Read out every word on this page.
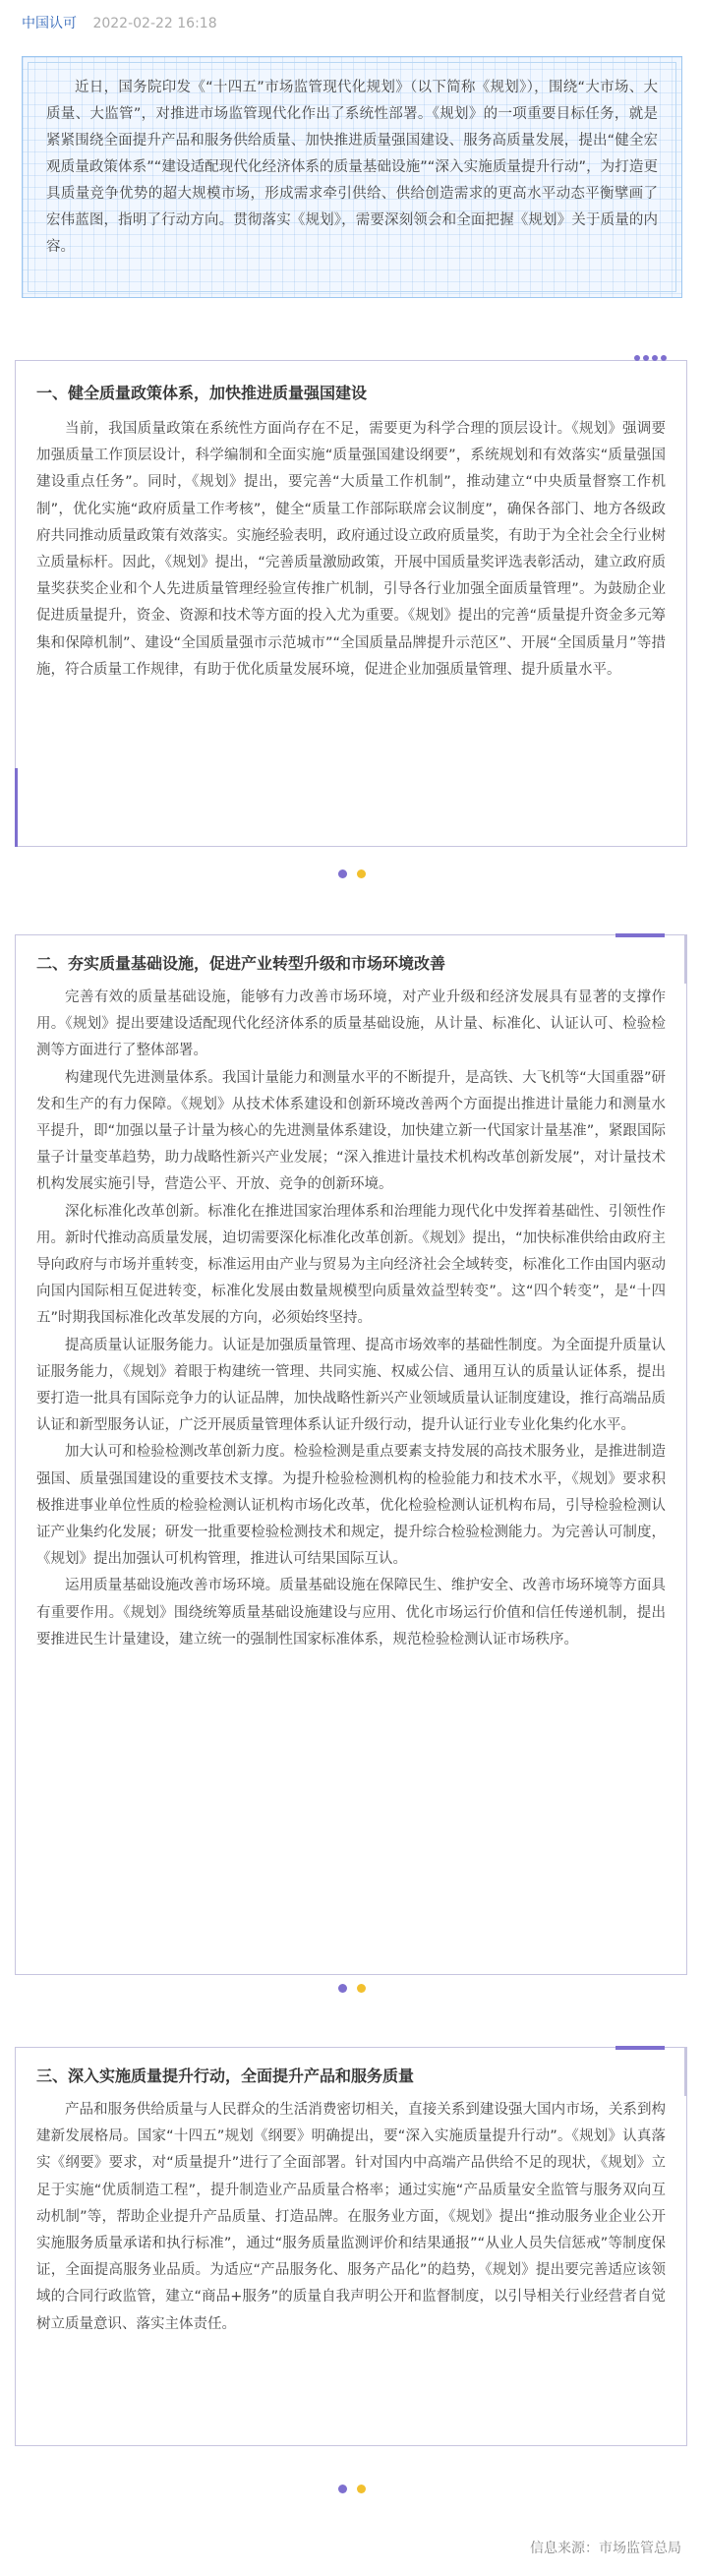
中国认可 2022-02-22 16:18

近日，国务院印发《“十四五”市场监管现代化规划》（以下简称《规划》），围绕“大市场、大质量、大监管”，对推进市场监管现代化作出了系统性部署。《规划》的一项重要目标任务，就是紧紧围绕全面提升产品和服务供给质量、加快推进质量强国建设、服务高质量发展，提出“健全宏观质量政策体系”“建设适配现代化经济体系的质量基础设施”“深入实施质量提升行动”，为打造更具质量竞争优势的超大规模市场，形成需求牵引供给、供给创造需求的更高水平动态平衡擘画了宏伟蓝图，指明了行动方向。贯彻落实《规划》，需要深刻领会和全面把握《规划》关于质量的内容。

一、健全质量政策体系，加快推进质量强国建设

当前，我国质量政策在系统性方面尚存在不足，需要更为科学合理的顶层设计。《规划》强调要加强质量工作顶层设计，科学编制和全面实施“质量强国建设纲要”，系统规划和有效落实“质量强国建设重点任务”。同时，《规划》提出，要完善“大质量工作机制”，推动建立“中央质量督察工作机制”，优化实施“政府质量工作考核”，健全“质量工作部际联席会议制度”，确保各部门、地方各级政府共同推动质量政策有效落实。实施经验表明，政府通过设立政府质量奖，有助于为全社会全行业树立质量标杆。因此，《规划》提出，“完善质量激励政策，开展中国质量奖评选表彰活动，建立政府质量奖获奖企业和个人先进质量管理经验宣传推广机制，引导各行业加强全面质量管理”。为鼓励企业促进质量提升，资金、资源和技术等方面的投入尤为重要。《规划》提出的完善“质量提升资金多元筹集和保障机制”、建设“全国质量强市示范城市”“全国质量品牌提升示范区”、开展“全国质量月”等措施，符合质量工作规律，有助于优化质量发展环境，促进企业加强质量管理、提升质量水平。

二、夯实质量基础设施，促进产业转型升级和市场环境改善

完善有效的质量基础设施，能够有力改善市场环境，对产业升级和经济发展具有显著的支撑作用。《规划》提出要建设适配现代化经济体系的质量基础设施，从计量、标准化、认证认可、检验检测等方面进行了整体部署。

构建现代先进测量体系。我国计量能力和测量水平的不断提升，是高铁、大飞机等“大国重器”研发和生产的有力保障。《规划》从技术体系建设和创新环境改善两个方面提出推进计量能力和测量水平提升，即“加强以量子计量为核心的先进测量体系建设，加快建立新一代国家计量基准”，紧跟国际量子计量变革趋势，助力战略性新兴产业发展；“深入推进计量技术机构改革创新发展”，对计量技术机构发展实施引导，营造公平、开放、竞争的创新环境。

深化标准化改革创新。标准化在推进国家治理体系和治理能力现代化中发挥着基础性、引领性作用。新时代推动高质量发展，迫切需要深化标准化改革创新。《规划》提出，“加快标准供给由政府主导向政府与市场并重转变，标准运用由产业与贸易为主向经济社会全域转变，标准化工作由国内驱动向国内国际相互促进转变，标准化发展由数量规模型向质量效益型转变”。这“四个转变”，是“十四五”时期我国标准化改革发展的方向，必须始终坚持。

提高质量认证服务能力。认证是加强质量管理、提高市场效率的基础性制度。为全面提升质量认证服务能力，《规划》着眼于构建统一管理、共同实施、权威公信、通用互认的质量认证体系，提出要打造一批具有国际竞争力的认证品牌，加快战略性新兴产业领域质量认证制度建设，推行高端品质认证和新型服务认证，广泛开展质量管理体系认证升级行动，提升认证行业专业化集约化水平。

加大认可和检验检测改革创新力度。检验检测是重点要素支持发展的高技术服务业，是推进制造强国、质量强国建设的重要技术支撑。为提升检验检测机构的检验能力和技术水平，《规划》要求积极推进事业单位性质的检验检测认证机构市场化改革，优化检验检测认证机构布局，引导检验检测认证产业集约化发展；研发一批重要检验检测技术和规定，提升综合检验检测能力。为完善认可制度，《规划》提出加强认可机构管理，推进认可结果国际互认。

运用质量基础设施改善市场环境。质量基础设施在保障民生、维护安全、改善市场环境等方面具有重要作用。《规划》围绕统筹质量基础设施建设与应用、优化市场运行价值和信任传递机制，提出要推进民生计量建设，建立统一的强制性国家标准体系，规范检验检测认证市场秩序。

三、深入实施质量提升行动，全面提升产品和服务质量

产品和服务供给质量与人民群众的生活消费密切相关，直接关系到建设强大国内市场，关系到构建新发展格局。国家“十四五”规划《纲要》明确提出，要“深入实施质量提升行动”。《规划》认真落实《纲要》要求，对“质量提升”进行了全面部署。针对国内中高端产品供给不足的现状，《规划》立足于实施“优质制造工程”，提升制造业产品质量合格率；通过实施“产品质量安全监管与服务双向互动机制”等，帮助企业提升产品质量、打造品牌。在服务业方面，《规划》提出“推动服务业企业公开实施服务质量承诺和执行标准”，通过“服务质量监测评价和结果通报”“从业人员失信惩戒”等制度保证，全面提高服务业品质。为适应“产品服务化、服务产品化”的趋势，《规划》提出要完善适应该领域的合同行政监管，建立“商品+服务”的质量自我声明公开和监督制度，以引导相关行业经营者自觉树立质量意识、落实主体责任。

信息来源：市场监管总局
